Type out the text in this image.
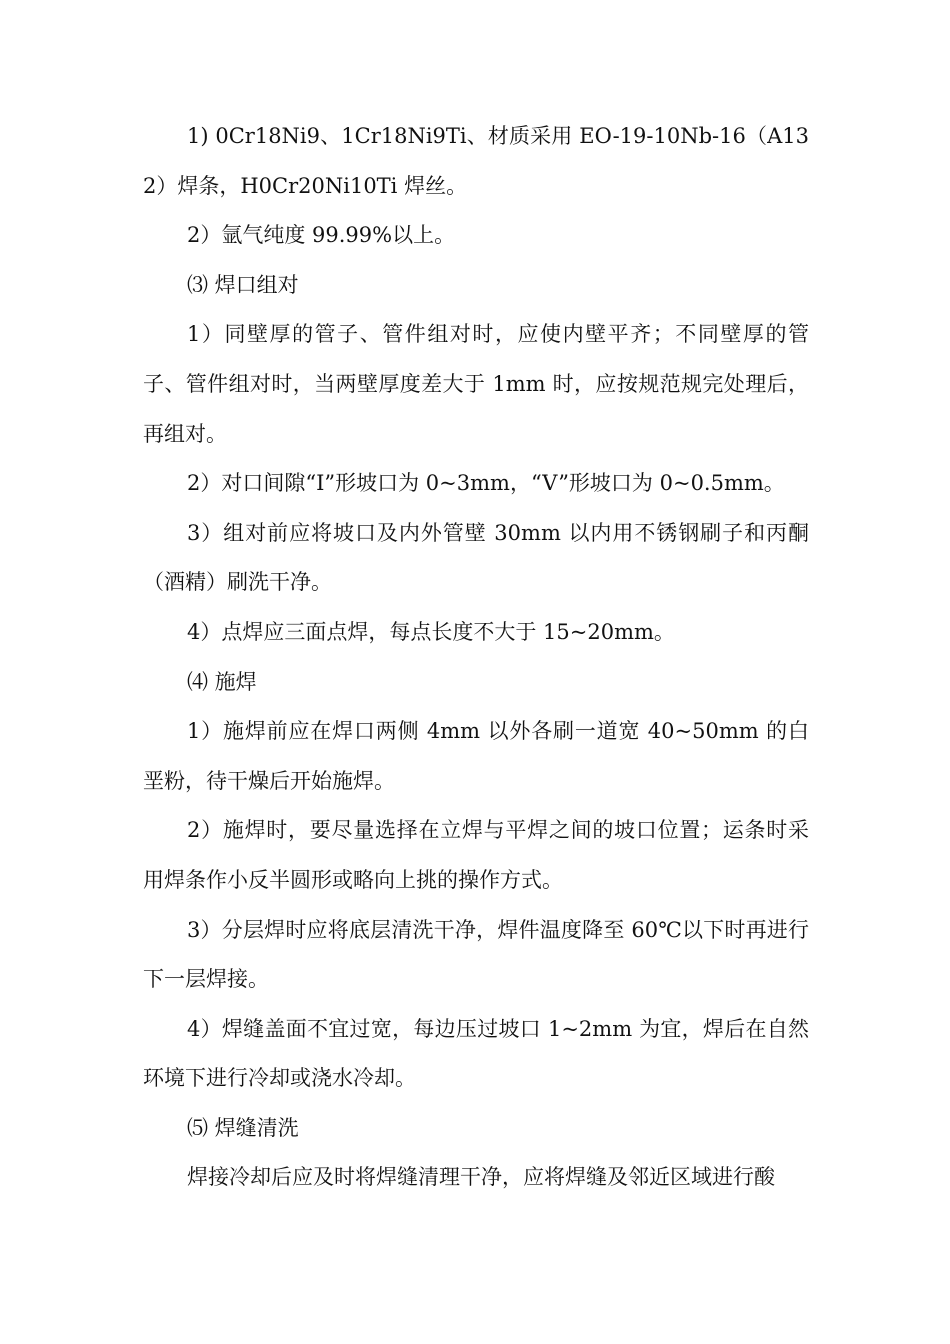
1) 0Cr18Ni9、1Cr18Ni9Ti、材质采用 EO-19-10Nb-16（A132）焊条，H0Cr20Ni10Ti 焊丝。

2）氩气纯度 99.99%以上。

⑶ 焊口组对

1）同壁厚的管子、管件组对时，应使内壁平齐；不同壁厚的管子、管件组对时，当两壁厚度差大于 1mm 时，应按规范规完处理后，再组对。

2）对口间隙“I”形坡口为 0~3mm，“V”形坡口为 0~0.5mm。

3）组对前应将坡口及内外管壁 30mm 以内用不锈钢刷子和丙酮（酒精）刷洗干净。

4）点焊应三面点焊，每点长度不大于 15~20mm。

⑷ 施焊

1）施焊前应在焊口两侧 4mm 以外各刷一道宽 40~50mm 的白垩粉，待干燥后开始施焊。

2）施焊时，要尽量选择在立焊与平焊之间的坡口位置；运条时采用焊条作小反半圆形或略向上挑的操作方式。

3）分层焊时应将底层清洗干净，焊件温度降至 60℃以下时再进行下一层焊接。

4）焊缝盖面不宜过宽，每边压过坡口 1~2mm 为宜，焊后在自然环境下进行冷却或浇水冷却。

⑸ 焊缝清洗

焊接冷却后应及时将焊缝清理干净，应将焊缝及邻近区域进行酸
